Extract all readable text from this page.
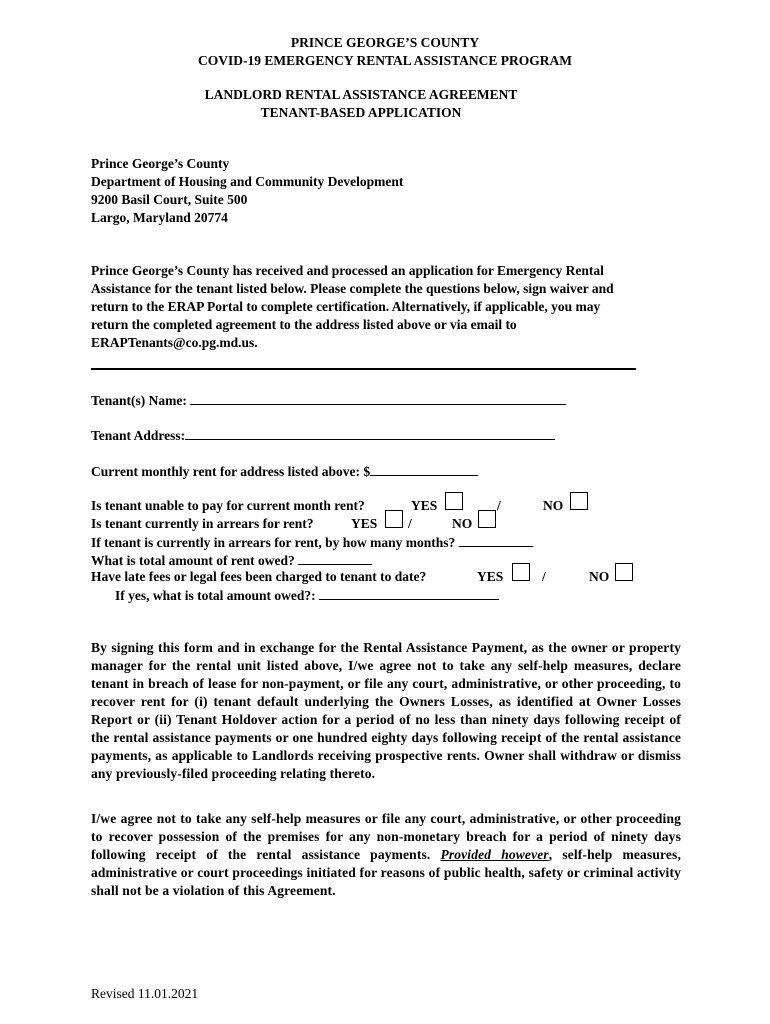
PRINCE GEORGE’S COUNTY
COVID-19 EMERGENCY RENTAL ASSISTANCE PROGRAM
LANDLORD RENTAL ASSISTANCE AGREEMENT
TENANT-BASED APPLICATION
Prince George’s County
Department of Housing and Community Development
9200 Basil Court, Suite 500
Largo, Maryland 20774
Prince George’s County has received and processed an application for Emergency Rental Assistance for the tenant listed below. Please complete the questions below, sign waiver and return to the ERAP Portal to complete certification. Alternatively, if applicable, you may return the completed agreement to the address listed above or via email to ERAPTenants@co.pg.md.us.
Tenant(s) Name:
Tenant Address:
Current monthly rent for address listed above: $
Is tenant unable to pay for current month rent?	YES	/	NO
Is tenant currently in arrears for rent?	YES /	NO
If tenant is currently in arrears for rent, by how many months?
What is total amount of rent owed?
Have late fees or legal fees been charged to tenant to date?	YES	/	NO
If yes, what is total amount owed?:
By signing this form and in exchange for the Rental Assistance Payment, as the owner or property manager for the rental unit listed above, I/we agree not to take any self-help measures, declare tenant in breach of lease for non-payment, or file any court, administrative, or other proceeding, to recover rent for (i) tenant default underlying the Owners Losses, as identified at Owner Losses Report or (ii) Tenant Holdover action for a period of no less than ninety days following receipt of the rental assistance payments or one hundred eighty days following receipt of the rental assistance payments, as applicable to Landlords receiving prospective rents. Owner shall withdraw or dismiss any previously-filed proceeding relating thereto.
I/we agree not to take any self-help measures or file any court, administrative, or other proceeding to recover possession of the premises for any non-monetary breach for a period of ninety days following receipt of the rental assistance payments. Provided however, self-help measures, administrative or court proceedings initiated for reasons of public health, safety or criminal activity shall not be a violation of this Agreement.
Revised 11.01.2021
